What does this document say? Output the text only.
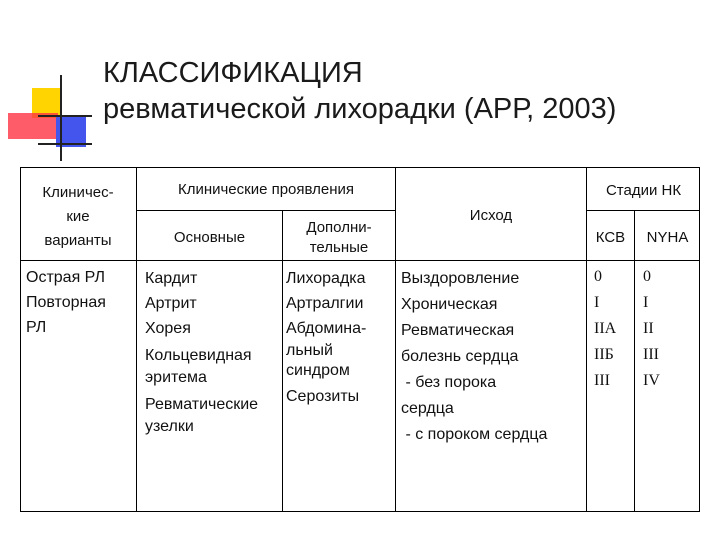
КЛАССИФИКАЦИЯ
ревматической лихорадки (АРР, 2003)
Клиничес-
кие
варианты
Клинические проявления
Основные
Дополни-
тельные
Исход
Стадии НК
КСВ	NYHA
Острая РЛ
Повторная
РЛ
Кардит
Артрит
Хорея
Кольцевидная
эритема
Ревматические
узелки
Лихорадка
Артралгии
Абдомина-
льный
синдром
Серозиты
Выздоровление
Хроническая
Ревматическая
болезнь сердца
- без порока
сердца
- с пороком сердца
0
I
IIА
IIБ
III
0
I
II
III
IV
